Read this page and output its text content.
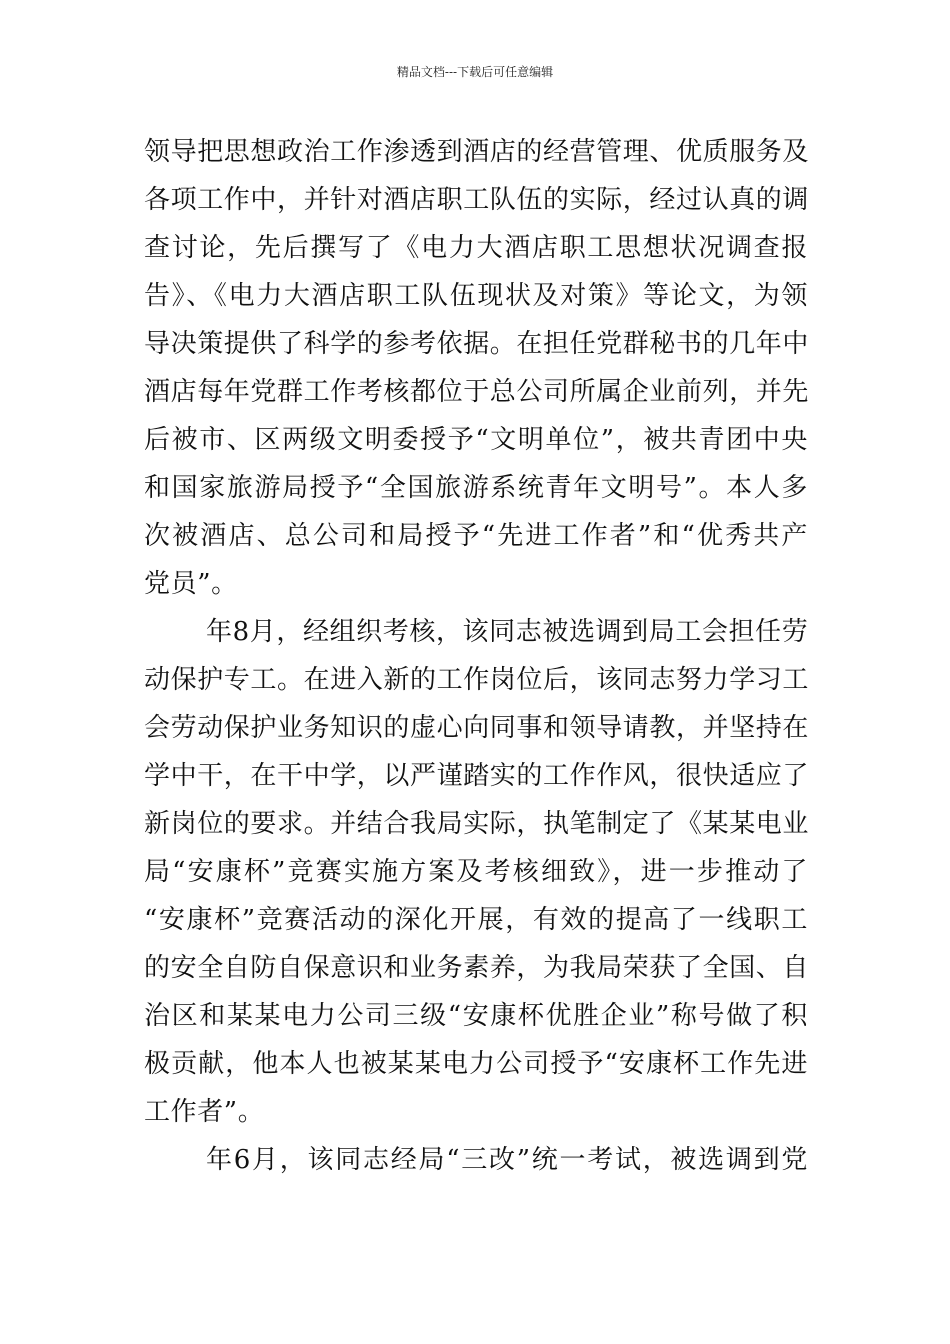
精品文档---下载后可任意编辑
领导把思想政治工作渗透到酒店的经营管理、优质服务及
各项工作中，并针对酒店职工队伍的实际，经过认真的调
查讨论，先后撰写了《电力大酒店职工思想状况调查报
告》、《电力大酒店职工队伍现状及对策》等论文，为领
导决策提供了科学的参考依据。在担任党群秘书的几年中
酒店每年党群工作考核都位于总公司所属企业前列，并先
后被市、区两级文明委授予“文明单位”，被共青团中央
和国家旅游局授予“全国旅游系统青年文明号”。本人多
次被酒店、总公司和局授予“先进工作者”和“优秀共产
党员”。
年8月，经组织考核，该同志被选调到局工会担任劳
动保护专工。在进入新的工作岗位后，该同志努力学习工
会劳动保护业务知识的虚心向同事和领导请教，并坚持在
学中干，在干中学，以严谨踏实的工作作风，很快适应了
新岗位的要求。并结合我局实际，执笔制定了《某某电业
局“安康杯”竞赛实施方案及考核细致》，进一步推动了
“安康杯”竞赛活动的深化开展，有效的提高了一线职工
的安全自防自保意识和业务素养，为我局荣获了全国、自
治区和某某电力公司三级“安康杯优胜企业”称号做了积
极贡献，他本人也被某某电力公司授予“安康杯工作先进
工作者”。
年6月，该同志经局“三改”统一考试，被选调到党
